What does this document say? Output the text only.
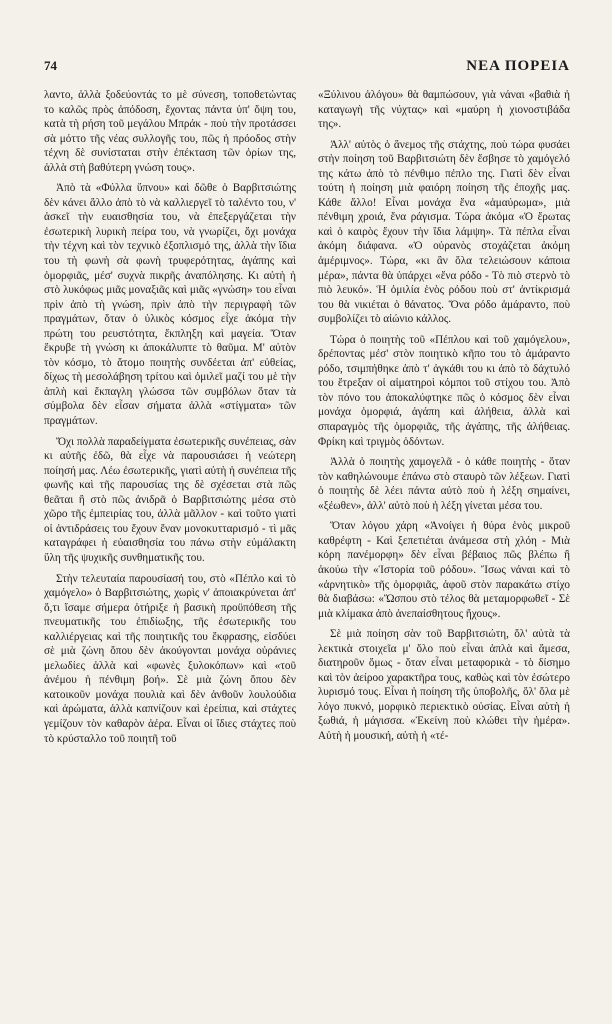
74	ΝΕΑ ΠΟΡΕΙΑ

λαντο, ἀλλὰ ξοδεύοντάς το μὲ σύνεση, τοποθετώντας το καλῶς πρὸς ἀπόδοση, ἔχοντας πάντα ὑπ' ὄψη του, κατὰ τὴ ρήση τοῦ μεγάλου Μπράκ - ποὺ τὴν προτάσσει σὰ μόττο τῆς νέας συλλογῆς του, πῶς ἡ πρόοδος στὴν τέχνη δὲ συνίσταται στὴν ἐπέκταση τῶν ὁρίων της, ἀλλὰ στὴ βαθύτερη γνώση τους».

Ἀπὸ τὰ «Φύλλα ὕπνου» καὶ δῶθε ὁ Βαρβιτσιώτης δὲν κάνει ἄλλο ἀπὸ τὸ νὰ καλλιεργεῖ τὸ ταλέντο του, ν' ἀσκεῖ τὴν ευαισθησία του, νὰ ἐπεξεργάζεται τὴν ἐσωτερικὴ λυρικὴ πείρα του, νὰ γνωρίζει, ὄχι μονάχα τὴν τέχνη καὶ τὸν τεχνικὸ ἐξοπλισμό της, ἀλλὰ τὴν ἴδια του τὴ φωνὴ σὰ φωνὴ τρυφερότητας, ἀγάπης καὶ ὁμορφιᾶς, μέσ' συχνὰ πικρῆς ἀναπόλησης. Κι αὐτὴ ἡ στὸ λυκόφως μιᾶς μοναξιᾶς καὶ μιᾶς «γνώση» του εἶναι πρὶν ἀπὸ τὴ γνώση, πρὶν ἀπὸ τὴν περιγραφὴ τῶν πραγμάτων, ὅταν ὁ ὑλικὸς κόσμος εἶχε ἀκόμα τὴν πρώτη του ρευστότητα, ἔκπληξη καὶ μαγεία. Ὅταν ἔκρυβε τὴ γνώση κι ἀποκάλυπτε τὸ θαῦμα. Μ' αὐτὸν τὸν κόσμο, τὸ ἄτομο ποιητὴς συνδέεται ἀπ' εὐθείας, δίχως τὴ μεσολάβηση τρίτου καὶ ὁμιλεῖ μαζί του μὲ τὴν ἁπλὴ καὶ ἔκπαγλη γλώσσα τῶν συμβόλων ὅταν τὰ σύμβολα δὲν εἶσαν σήματα ἀλλὰ «στίγματα» τῶν πραγμάτων.

Ὄχι πολλὰ παραδείγματα ἐσωτερικῆς συνέπειας, σὰν κι αὐτῆς ἐδῶ, θὰ εἶχε νὰ παρουσιάσει ἡ νεώτερη ποίησή μας. Λέω ἐσωτερικῆς, γιατὶ αὐτὴ ἡ συνέπεια τῆς φωνῆς καὶ τῆς παρουσίας της δὲ σχέσεται στὰ πῶς θεᾶται ἢ στὸ πῶς ἀνιδρᾶ ὁ Βαρβιτσιώτης μέσα στὸ χῶρο τῆς ἐμπειρίας του, ἀλλὰ μᾶλλον - καὶ τοῦτο γιατὶ οἱ ἀντιδράσεις του ἔχουν ἕναν μονοκυτταρισμό - τὶ μᾶς καταγράφει ἡ εὐαισθησία του πάνω στὴν εὐμάλακτη ὕλη τῆς ψυχικῆς συνθηματικῆς του.

Στὴν τελευταία παρουσίασή του, στὸ «Πέπλο καὶ τὸ χαμόγελο» ὁ Βαρβιτσιώτης, χωρὶς ν' ἀποιακρύνεται ἀπ' ὅ,τι ἴσαμε σήμερα ὁτήριξε ἡ βασικὴ προϋπόθεση τῆς πνευματικῆς του ἐπιδίωξης, τῆς ἐσωτερικῆς του καλλιέργειας καὶ τῆς ποιητικῆς του ἔκφρασης, εἰσδύει σὲ μιὰ ζώνη ὅπου δὲν ἀκούγονται μονάχα οὐράνιες μελωδίες ἀλλὰ καὶ «φωνὲς ξυλοκόπων» καὶ «τοῦ ἀνέμου ἡ πένθιμη βοή». Σὲ μιὰ ζώνη ὅπου δὲν κατοικοῦν μονάχα πουλιὰ καὶ δὲν ἀνθοῦν λουλούδια καὶ ἀρώματα, ἀλλὰ καπνίζουν καὶ ἐρείπια, καὶ στάχτες γεμίζουν τὸν καθαρὸν ἀέρα. Εἶναι οἱ ἴδιες στάχτες ποὺ τὸ κρύσταλλο τοῦ ποιητῆ τοῦ

«Ξύλινου ἀλόγου» θὰ θαμπώσουν, γιὰ νάναι «βαθιὰ ἡ καταγωγὴ τῆς νύχτας» καὶ «μαύρη ἡ χιονοστιβάδα της».

Ἀλλ' αὐτὸς ὁ ἄνεμος τῆς στάχτης, ποὺ τώρα φυσάει στὴν ποίηση τοῦ Βαρβιτσιώτη δὲν ἔσβησε τὸ χαμόγελό της κάτω ἀπὸ τὸ πένθιμο πέπλο της. Γιατὶ δὲν εἶναι τούτη ἡ ποίηση μιὰ φαιόρη ποίηση τῆς ἐποχῆς μας. Κάθε ἄλλο! Εἶναι μονάχα ἕνα «ἀμαύρωμα», μιὰ πένθιμη χροιά, ἕνα ράγισμα. Τώρα ἀκόμα «Ὁ ἔρωτας καὶ ὁ καιρὸς ἔχουν τὴν ἴδια λάμψη». Τὰ πέπλα εἶναι ἀκόμη διάφανα. «Ὁ οὐρανὸς στοχάζεται ἀκόμη ἀμέριμνος». Τώρα, «κι ἂν ὅλα τελειώσουν κάποια μέρα», πάντα θὰ ὑπάρχει «ἕνα ρόδο - Τὸ πιὸ στερνὸ τὸ πιὸ λευκό». Ἡ ὁμιλία ἑνὸς ρόδου ποὺ στ' ἀντίκρισμά του θὰ νικιέται ὁ θάνατος. Ὅνα ρόδο ἀμάραντο, ποὺ συμβολίζει τὸ αἰώνιο κάλλος.

Τώρα ὁ ποιητὴς τοῦ «Πέπλου καὶ τοῦ χαμόγελου», δρέποντας μέσ' στὸν ποιητικὸ κῆπο του τὸ ἀμάραντο ρόδο, τσιμπήθηκε ἀπὸ τ' ἀγκάθι του κι ἀπὸ τὸ δάχτυλό του ἔτρεξαν οἱ αἱματηροὶ κόμποι τοῦ στίχου του. Ἀπὸ τὸν πόνο του ἀποκαλύφτηκε πῶς ὁ κόσμος δὲν εἶναι μονάχα ὁμορφιά, ἀγάπη καὶ ἀλήθεια, ἀλλὰ καὶ σπαραγμὸς τῆς ὁμορφιᾶς, τῆς ἀγάπης, τῆς ἀλήθειας. Φρίκη καὶ τριγμὸς ὀδόντων.

Ἀλλὰ ὁ ποιητὴς χαμογελᾶ - ὁ κάθε ποιητὴς - ὅταν τὸν καθηλώνουμε ἐπάνω στὸ σταυρὸ τῶν λέξεων. Γιατὶ ὁ ποιητὴς δὲ λέει πάντα αὐτὸ ποὺ ἡ λέξη σημαίνει, «ξέωθεν», ἀλλ' αὐτὸ ποὺ ἡ λέξη γίνεται μέσα του.

Ὅταν λόγου χάρη «Ἀνοίγει ἡ θύρα ἑνὸς μικροῦ καθρέφτη - Καὶ ξεπετιέται ἀνάμεσα στὴ χλόη - Μιὰ κόρη πανέμορφη» δὲν εἶναι βέβαιος πῶς βλέπω ἢ ἀκούω τὴν «Ἱστορία τοῦ ρόδου». Ἴσως νάναι καὶ τὸ «ἀρνητικὸ» τῆς ὁμορφιᾶς, ἀφοῦ στὸν παρακάτω στίχο θὰ διαβάσω: «Ὥσπου στὸ τέλος θὰ μεταμορφωθεῖ - Σὲ μιὰ κλίμακα ἀπὸ ἀνεπαίσθητους ἤχους».

Σὲ μιὰ ποίηση σὰν τοῦ Βαρβιτσιώτη, ὅλ' αὐτὰ τὰ λεκτικὰ στοιχεῖα μ' ὅλο ποὺ εἶναι ἁπλὰ καὶ ἄμεσα, διατηροῦν ὅμως - ὅταν εἶναι μεταφορικὰ - τὸ δίσημο καὶ τὸν ἀείροο χαρακτῆρα τους, καθὼς καὶ τὸν ἐσώτερο λυρισμό τους. Εἶναι ἡ ποίηση τῆς ὑποβολῆς, ὅλ' ὅλα μὲ λόγο πυκνό, μορφικὸ περιεκτικὸ οὐσίας. Εἶναι αὐτὴ ἡ ξωθιά, ἡ μάγισσα. «Ἐκείνη ποὺ κλώθει τὴν ἡμέρα». Αὐτὴ ἡ μουσική, αὐτὴ ἡ «τέ-
